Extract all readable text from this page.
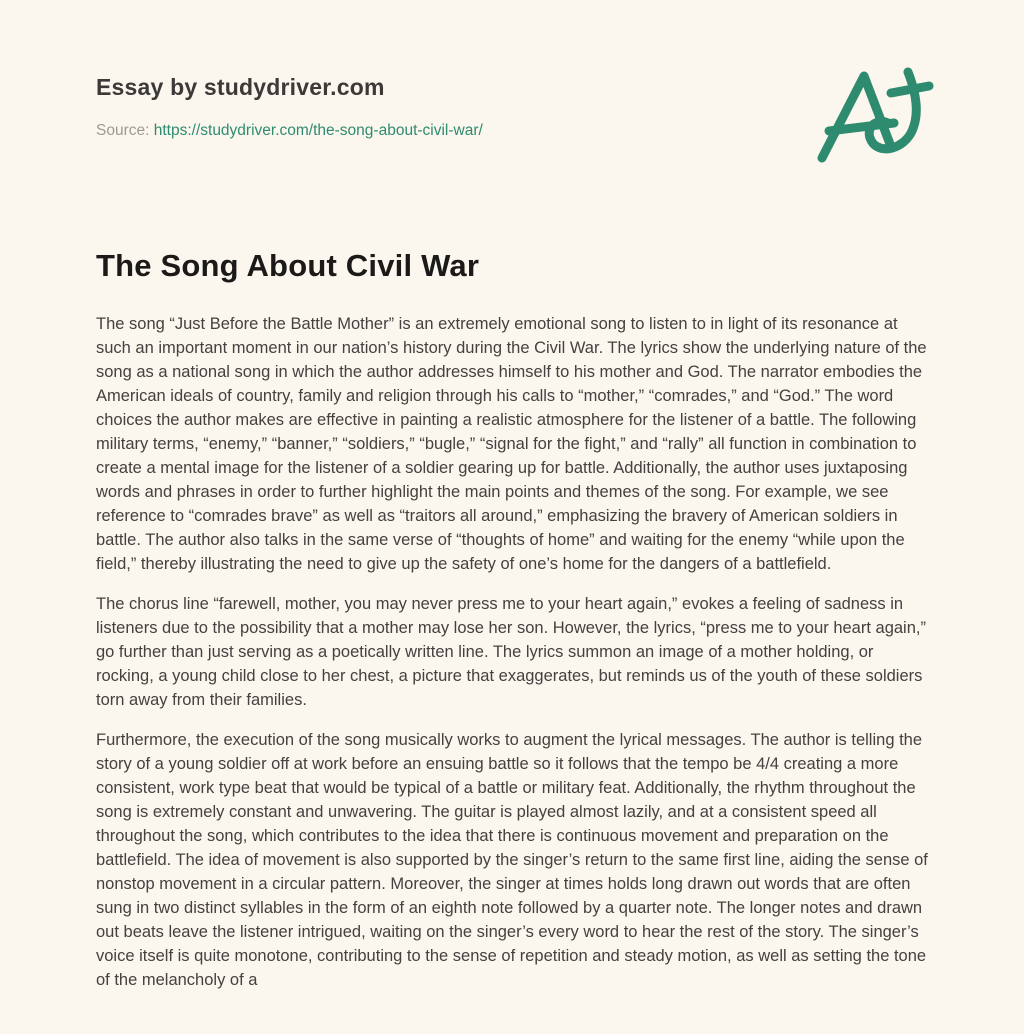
Essay by studydriver.com
Source: https://studydriver.com/the-song-about-civil-war/
The Song About Civil War

The song “Just Before the Battle Mother” is an extremely emotional song to listen to in light of its resonance at such an important moment in our nation’s history during the Civil War. The lyrics show the underlying nature of the song as a national song in which the author addresses himself to his mother and God. The narrator embodies the American ideals of country, family and religion through his calls to “mother,” “comrades,” and “God.” The word choices the author makes are effective in painting a realistic atmosphere for the listener of a battle. The following military terms, “enemy,” “banner,” “soldiers,” “bugle,” “signal for the fight,” and “rally” all function in combination to create a mental image for the listener of a soldier gearing up for battle. Additionally, the author uses juxtaposing words and phrases in order to further highlight the main points and themes of the song. For example, we see reference to “comrades brave” as well as “traitors all around,” emphasizing the bravery of American soldiers in battle. The author also talks in the same verse of “thoughts of home” and waiting for the enemy “while upon the field,” thereby illustrating the need to give up the safety of one’s home for the dangers of a battlefield.

The chorus line “farewell, mother, you may never press me to your heart again,” evokes a feeling of sadness in listeners due to the possibility that a mother may lose her son. However, the lyrics, “press me to your heart again,” go further than just serving as a poetically written line. The lyrics summon an image of a mother holding, or rocking, a young child close to her chest, a picture that exaggerates, but reminds us of the youth of these soldiers torn away from their families.

Furthermore, the execution of the song musically works to augment the lyrical messages. The author is telling the story of a young soldier off at work before an ensuing battle so it follows that the tempo be 4/4 creating a more consistent, work type beat that would be typical of a battle or military feat. Additionally, the rhythm throughout the song is extremely constant and unwavering. The guitar is played almost lazily, and at a consistent speed all throughout the song, which contributes to the idea that there is continuous movement and preparation on the battlefield. The idea of movement is also supported by the singer’s return to the same first line, aiding the sense of nonstop movement in a circular pattern. Moreover, the singer at times holds long drawn out words that are often sung in two distinct syllables in the form of an eighth note followed by a quarter note. The longer notes and drawn out beats leave the listener intrigued, waiting on the singer’s every word to hear the rest of the story. The singer’s voice itself is quite monotone, contributing to the sense of repetition and steady motion, as well as setting the tone of the melancholy of a
